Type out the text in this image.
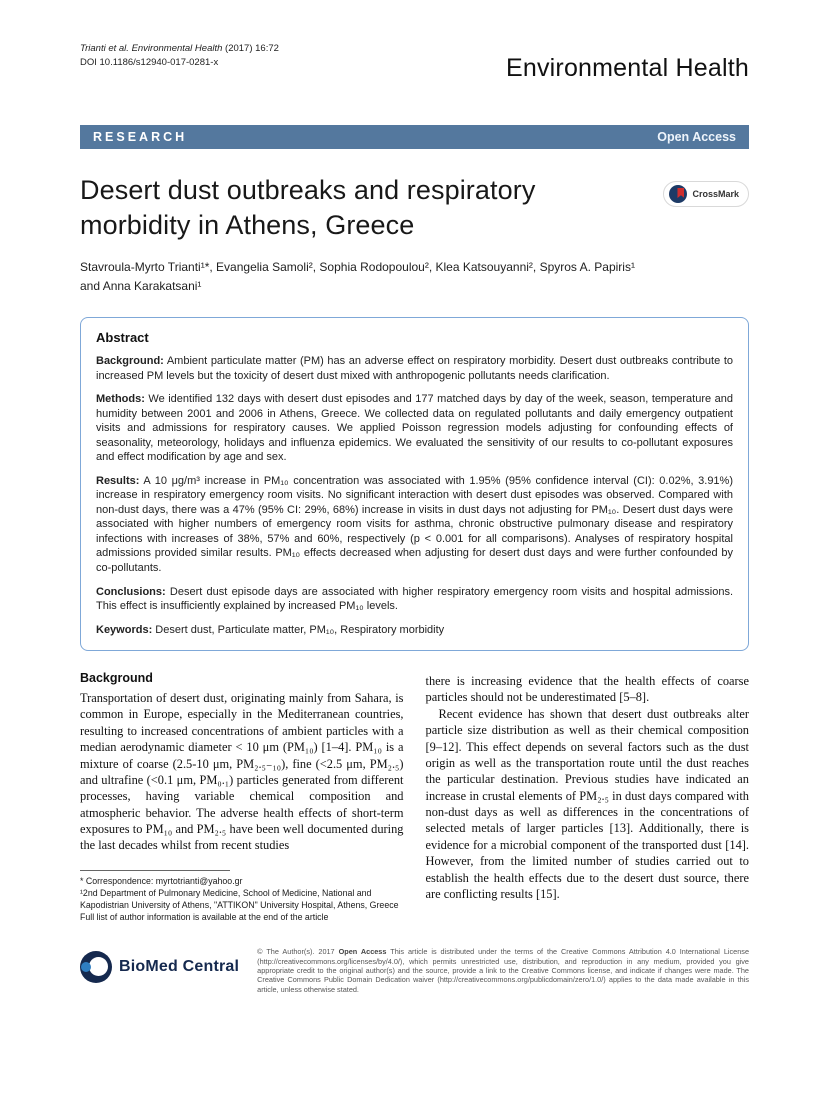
Trianti et al. Environmental Health (2017) 16:72
DOI 10.1186/s12940-017-0281-x	Environmental Health
RESEARCH	Open Access
Desert dust outbreaks and respiratory morbidity in Athens, Greece
CrossMark
Stavroula-Myrto Trianti¹*, Evangelia Samoli², Sophia Rodopoulou², Klea Katsouyanni², Spyros A. Papiris¹
and Anna Karakatsani¹
Abstract

Background: Ambient particulate matter (PM) has an adverse effect on respiratory morbidity. Desert dust outbreaks contribute to increased PM levels but the toxicity of desert dust mixed with anthropogenic pollutants needs clarification.

Methods: We identified 132 days with desert dust episodes and 177 matched days by day of the week, season, temperature and humidity between 2001 and 2006 in Athens, Greece. We collected data on regulated pollutants and daily emergency outpatient visits and admissions for respiratory causes. We applied Poisson regression models adjusting for confounding effects of seasonality, meteorology, holidays and influenza epidemics. We evaluated the sensitivity of our results to co-pollutant exposures and effect modification by age and sex.

Results: A 10 μg/m³ increase in PM₁₀ concentration was associated with 1.95% (95% confidence interval (CI): 0.02%, 3.91%) increase in respiratory emergency room visits. No significant interaction with desert dust episodes was observed. Compared with non-dust days, there was a 47% (95% CI: 29%, 68%) increase in visits in dust days not adjusting for PM₁₀. Desert dust days were associated with higher numbers of emergency room visits for asthma, chronic obstructive pulmonary disease and respiratory infections with increases of 38%, 57% and 60%, respectively (p < 0.001 for all comparisons). Analyses of respiratory hospital admissions provided similar results. PM₁₀ effects decreased when adjusting for desert dust days and were further confounded by co-pollutants.

Conclusions: Desert dust episode days are associated with higher respiratory emergency room visits and hospital admissions. This effect is insufficiently explained by increased PM₁₀ levels.

Keywords: Desert dust, Particulate matter, PM₁₀, Respiratory morbidity

Background

Transportation of desert dust, originating mainly from Sahara, is common in Europe, especially in the Mediterranean countries, resulting to increased concentrations of ambient particles with a median aerodynamic diameter < 10 μm (PM₁₀) [1–4]. PM₁₀ is a mixture of coarse (2.5-10 μm, PM₂.₅₋₁₀), fine (<2.5 μm, PM₂.₅) and ultrafine (<0.1 μm, PM₀.₁) particles generated from different processes, having variable chemical composition and atmospheric behavior. The adverse health effects of short-term exposures to PM₁₀ and PM₂.₅ have been well documented during the last decades whilst from recent studies

* Correspondence: myrtotrianti@yahoo.gr
¹2nd Department of Pulmonary Medicine, School of Medicine, National and Kapodistrian University of Athens, "ATTIKON" University Hospital, Athens, Greece
Full list of author information is available at the end of the article

there is increasing evidence that the health effects of coarse particles should not be underestimated [5–8].

Recent evidence has shown that desert dust outbreaks alter particle size distribution as well as their chemical composition [9–12]. This effect depends on several factors such as the dust origin as well as the transportation route until the dust reaches the particular destination. Previous studies have indicated an increase in crustal elements of PM₂.₅ in dust days compared with non-dust days as well as differences in the concentrations of selected metals of larger particles [13]. Additionally, there is evidence for a microbial component of the transported dust [14]. However, from the limited number of studies carried out to establish the health effects due to the desert dust source, there are conflicting results [15].

BioMed Central

© The Author(s). 2017 Open Access This article is distributed under the terms of the Creative Commons Attribution 4.0 International License (http://creativecommons.org/licenses/by/4.0/), which permits unrestricted use, distribution, and reproduction in any medium, provided you give appropriate credit to the original author(s) and the source, provide a link to the Creative Commons license, and indicate if changes were made. The Creative Commons Public Domain Dedication waiver (http://creativecommons.org/publicdomain/zero/1.0/) applies to the data made available in this article, unless otherwise stated.
